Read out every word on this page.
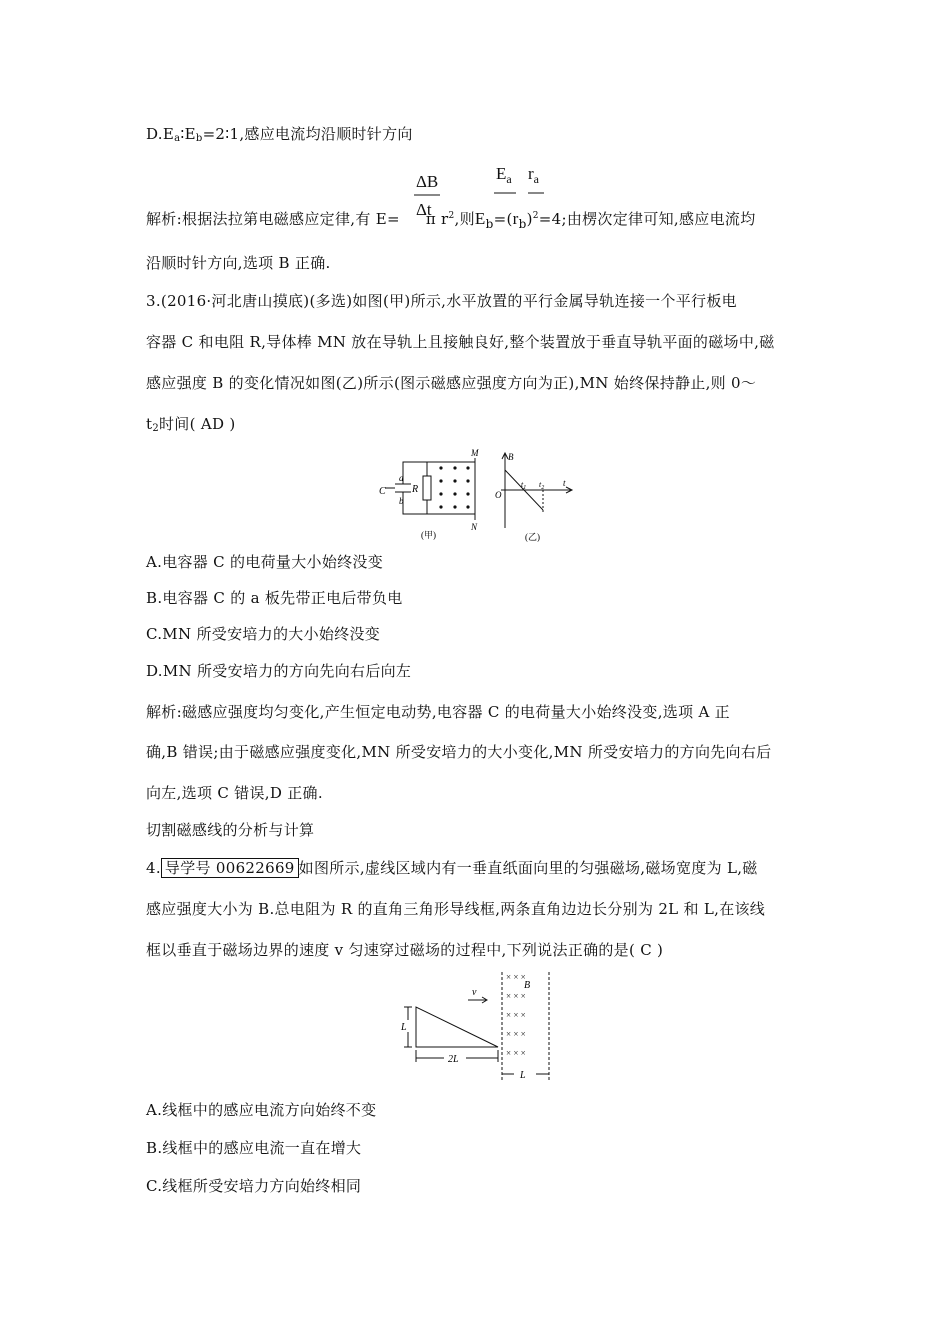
D.Ea∶Eb=2∶1,感应电流均沿顺时针方向
ΔB
Δt
$E_a$ $r_a$
解析:根据法拉第电磁感应定律,有 E= π $r^2$,则$E_b=(r_b)^2=4$;由楞次定律可知,感应电流均
沿顺时针方向,选项 B 正确.
3.(2016·河北唐山摸底)(多选)如图(甲)所示,水平放置的平行金属导轨连接一个平行板电
容器 C 和电阻 R,导体棒 MN 放在导轨上且接触良好,整个装置放于垂直导轨平面的磁场中,磁
感应强度 B 的变化情况如图(乙)所示(图示磁感应强度方向为正),MN 始终保持静止,则 0～
t2时间( AD )
C
a
b
R
M
N
(甲)
B
O
t
$t_1$ $t_2$
(乙)
A.电容器 C 的电荷量大小始终没变
B.电容器 C 的 a 板先带正电后带负电
C.MN 所受安培力的大小始终没变
D.MN 所受安培力的方向先向右后向左
解析:磁感应强度均匀变化,产生恒定电动势,电容器 C 的电荷量大小始终没变,选项 A 正
确,B 错误;由于磁感应强度变化,MN 所受安培力的大小变化,MN 所受安培力的方向先向右后
向左,选项 C 错误,D 正确.
切割磁感线的分析与计算
4. 导学号 00622669 如图所示,虚线区域内有一垂直纸面向里的匀强磁场,磁场宽度为 L,磁
感应强度大小为 B.总电阻为 R 的直角三角形导线框,两条直角边边长分别为 2L 和 L,在该线
框以垂直于磁场边界的速度 v 匀速穿过磁场的过程中,下列说法正确的是( C )
× × ×
× × ×
× × ×
× × ×
× × ×
L
v
B
2L
L
A.线框中的感应电流方向始终不变
B.线框中的感应电流一直在增大
C.线框所受安培力方向始终相同
